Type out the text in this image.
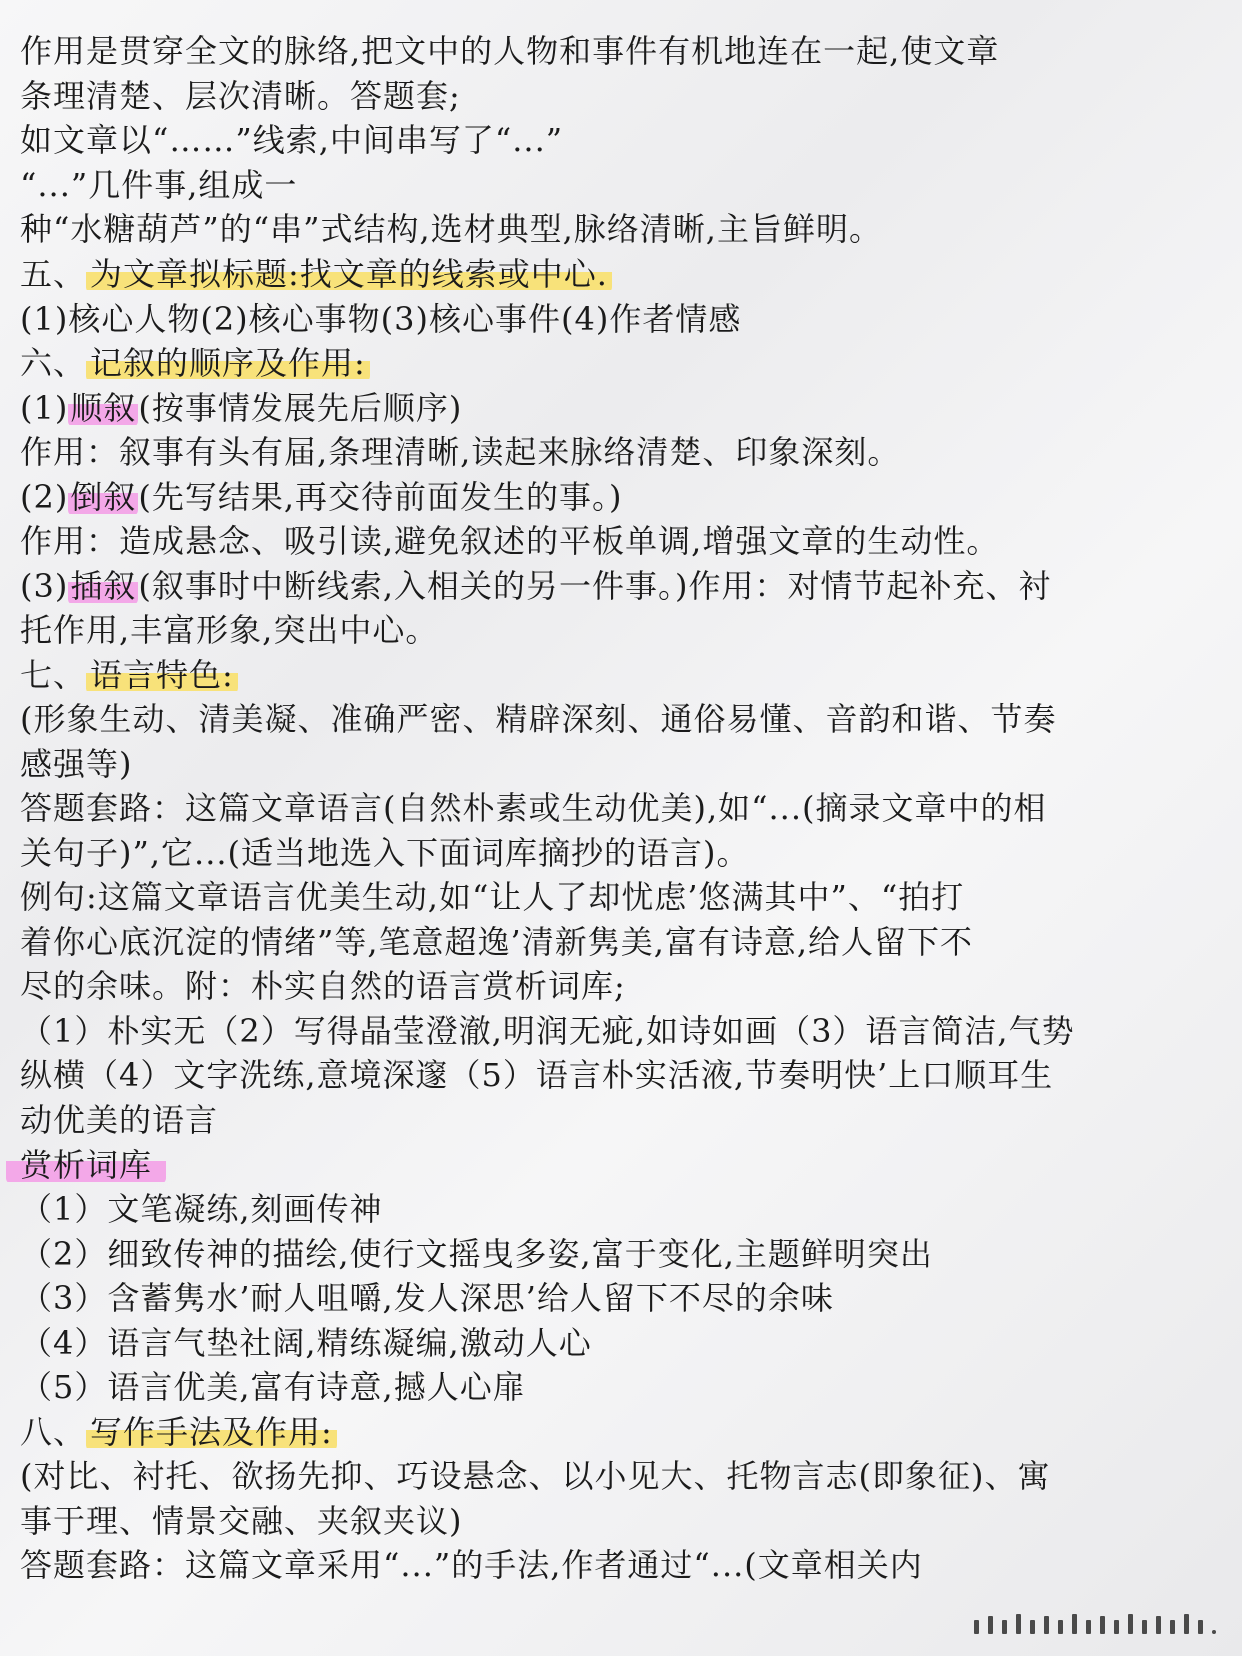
作用是贯穿全文的脉络,把文中的人物和事件有机地连在一起,使文章
条理清楚、层次清晰。答题套;
如文章以“……”线索,中间串写了“...”
“...”几件事,组成一
种“水糖葫芦”的“串”式结构,选材典型,脉络清晰,主旨鲜明。
五、 为文章拟标题:找文章的线索或中心.
(1)核心人物(2)核心事物(3)核心事件(4)作者情感
六、 记叙的顺序及作用:
(1)顺叙(按事情发展先后顺序)
作用：叙事有头有届,条理清晰,读起来脉络清楚、印象深刻。
(2)倒叙(先写结果,再交待前面发生的事。)
作用：造成悬念、吸引读,避免叙述的平板单调,增强文章的生动性。
(3)插叙(叙事时中断线索,入相关的另一件事。)作用：对情节起补充、衬
托作用,丰富形象,突出中心。
七、 语言特色:
(形象生动、清美凝、准确严密、精辟深刻、通俗易懂、音韵和谐、节奏
感强等)
答题套路：这篇文章语言(自然朴素或生动优美),如“...(摘录文章中的相
关句子)”,它...(适当地选入下面词库摘抄的语言)。
例句:这篇文章语言优美生动,如“让人了却忧虑’悠满其中”、“拍打
着你心底沉淀的情绪”等,笔意超逸’清新隽美,富有诗意,给人留下不
尽的余味。附：朴实自然的语言赏析词库;
（1）朴实无（2）写得晶莹澄澈,明润无疵,如诗如画（3）语言简洁,气势
纵横（4）文字洗练,意境深邃（5）语言朴实活液,节奏明快’上口顺耳生
动优美的语言
赏析词库
（1）文笔凝练,刻画传神
（2）细致传神的描绘,使行文摇曳多姿,富于变化,主题鲜明突出
（3）含蓄隽水’耐人咀嚼,发人深思’给人留下不尽的余味
（4）语言气垫社阔,精练凝编,激动人心
（5）语言优美,富有诗意,撼人心扉
八、 写作手法及作用:
(对比、衬托、欲扬先抑、巧设悬念、以小见大、托物言志(即象征)、寓
事于理、情景交融、夹叙夹议)
答题套路：这篇文章采用“...”的手法,作者通过“...(文章相关内
